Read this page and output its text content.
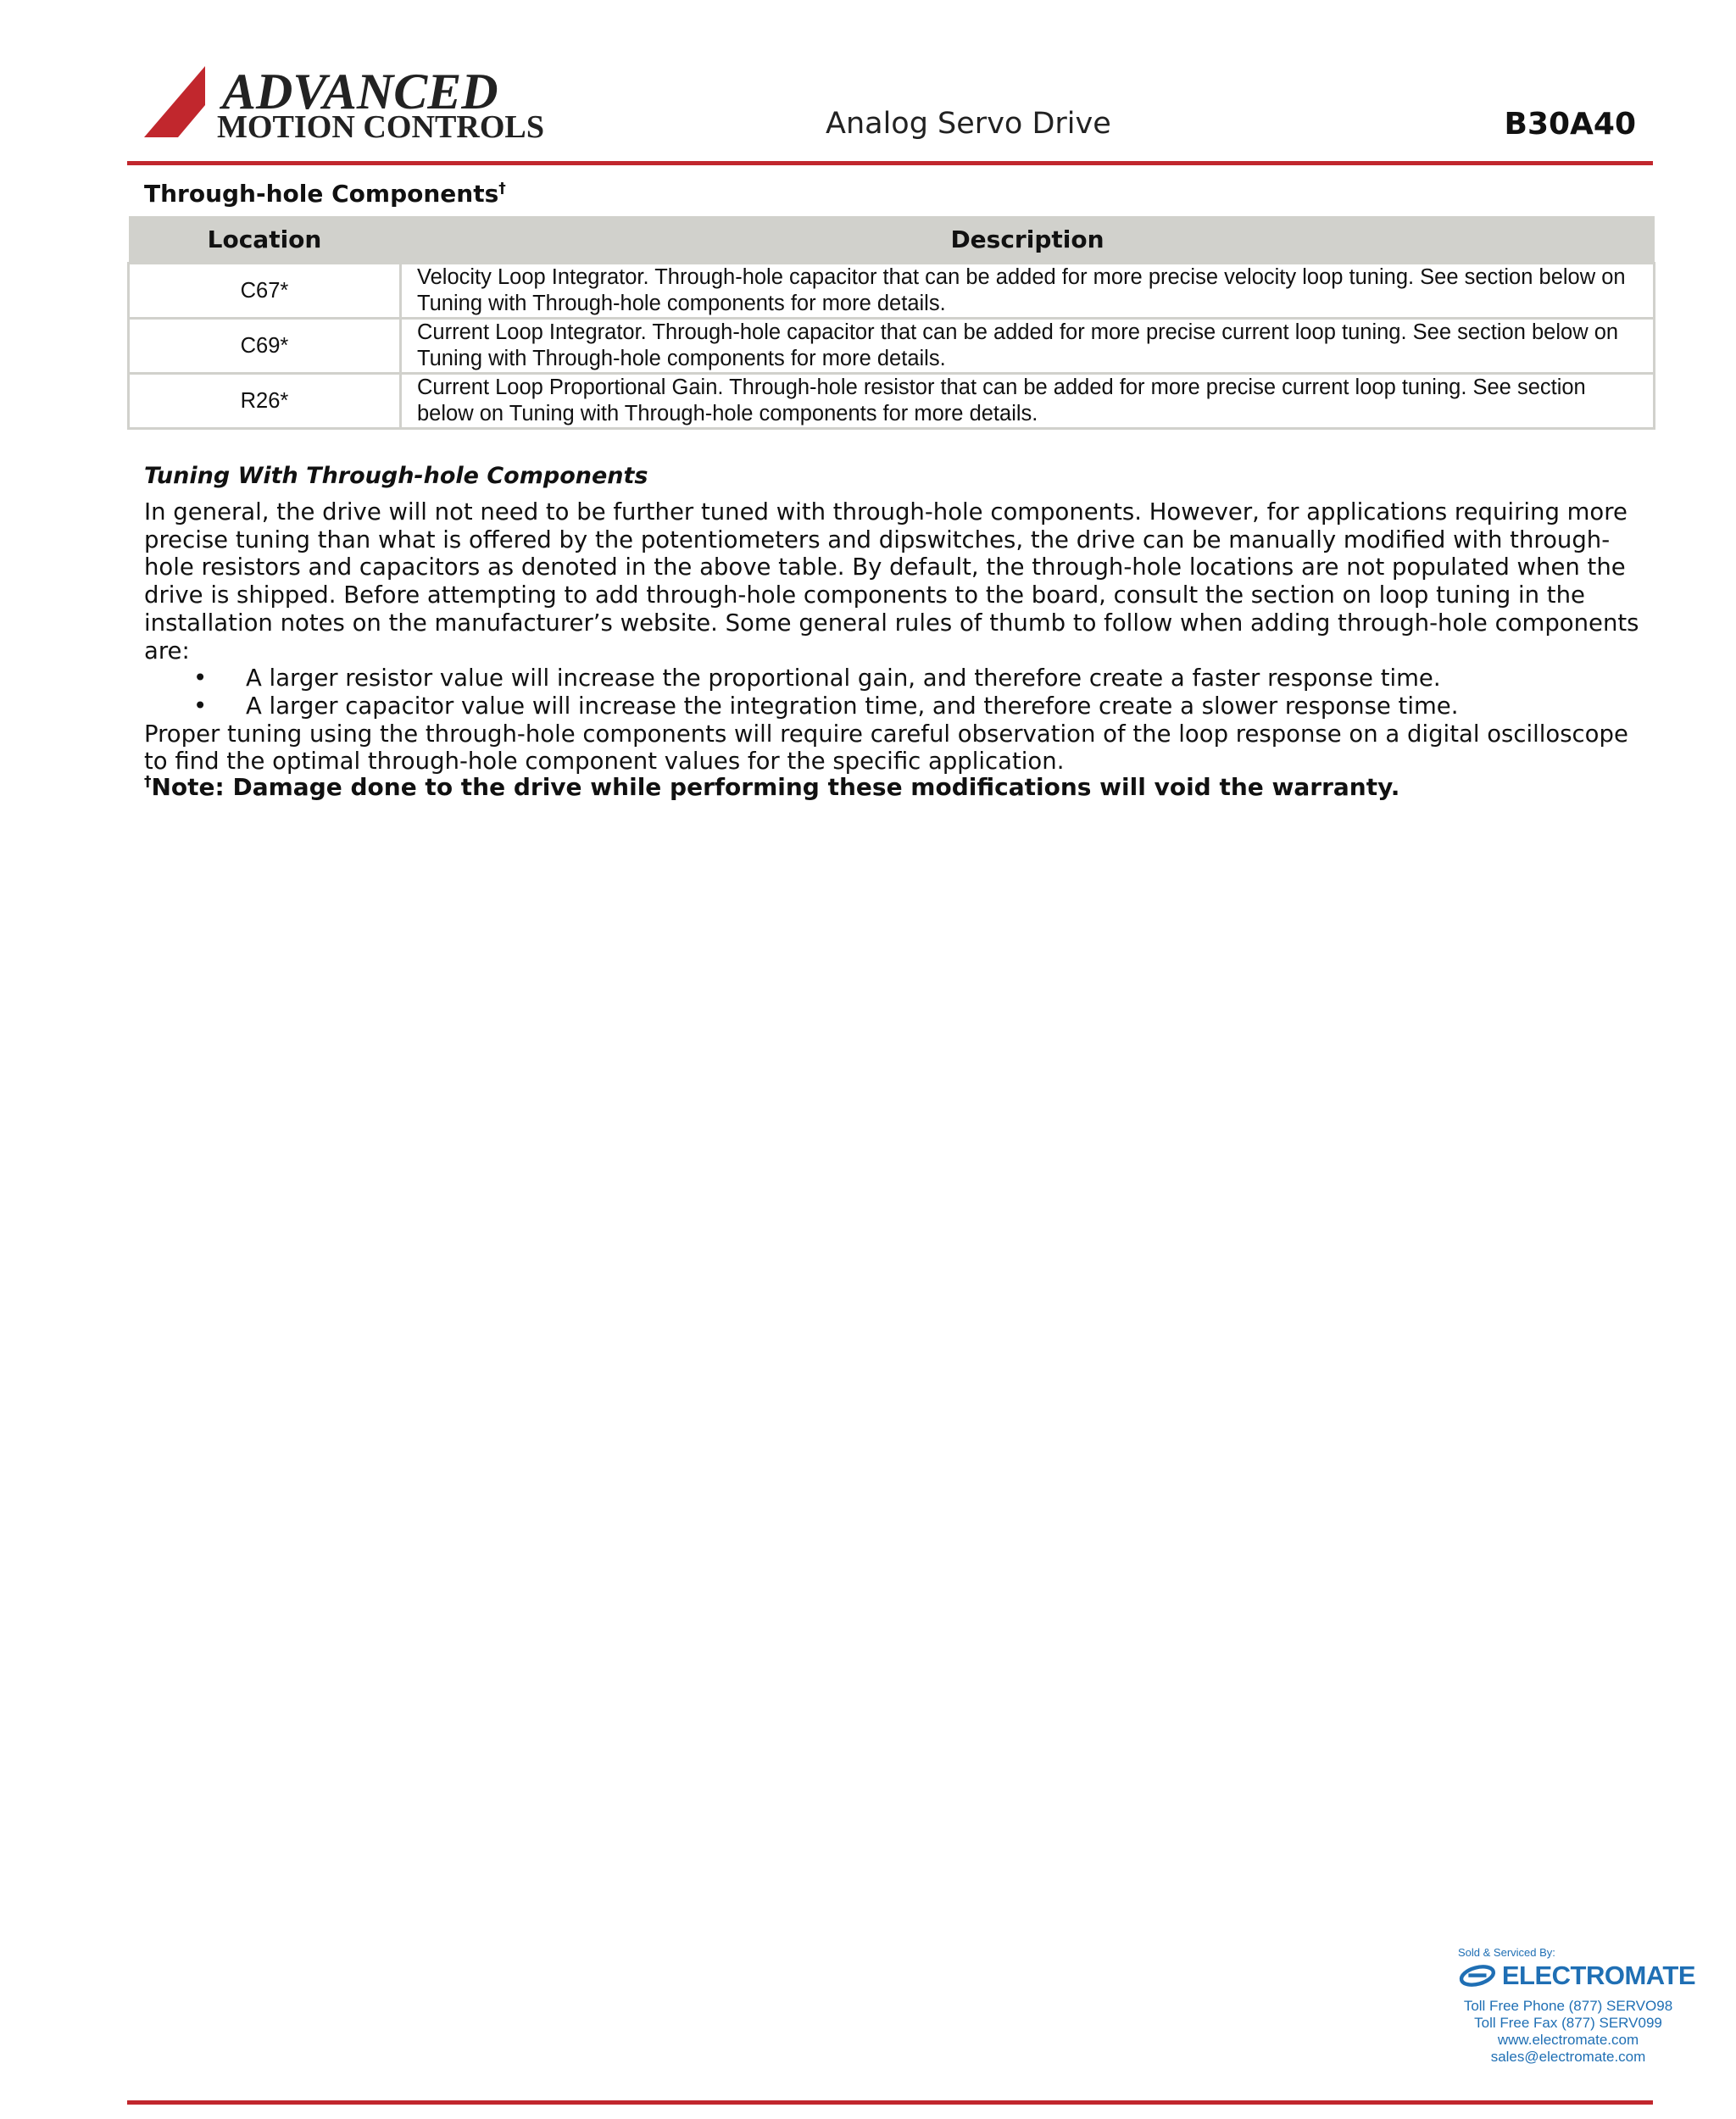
ADVANCED
MOTION CONTROLS	Analog Servo Drive	B30A40
Through-hole Components†
Location	Description
C67*	Velocity Loop Integrator. Through-hole capacitor that can be added for more precise velocity loop tuning. See section below on Tuning with Through-hole components for more details.
C69*	Current Loop Integrator. Through-hole capacitor that can be added for more precise current loop tuning. See section below on Tuning with Through-hole components for more details.
R26*	Current Loop Proportional Gain. Through-hole resistor that can be added for more precise current loop tuning. See section below on Tuning with Through-hole components for more details.
Tuning With Through-hole Components

In general, the drive will not need to be further tuned with through-hole components. However, for applications requiring more precise tuning than what is offered by the potentiometers and dipswitches, the drive can be manually modified with through-hole resistors and capacitors as denoted in the above table. By default, the through-hole locations are not populated when the drive is shipped. Before attempting to add through-hole components to the board, consult the section on loop tuning in the installation notes on the manufacturer’s website. Some general rules of thumb to follow when adding through-hole components are:

• A larger resistor value will increase the proportional gain, and therefore create a faster response time.
• A larger capacitor value will increase the integration time, and therefore create a slower response time.

Proper tuning using the through-hole components will require careful observation of the loop response on a digital oscilloscope to find the optimal through-hole component values for the specific application.

†Note: Damage done to the drive while performing these modifications will void the warranty.
Sold & Serviced By:
ELECTROMATE
Toll Free Phone (877) SERVO98
Toll Free Fax (877) SERV099
www.electromate.com
sales@electromate.com
